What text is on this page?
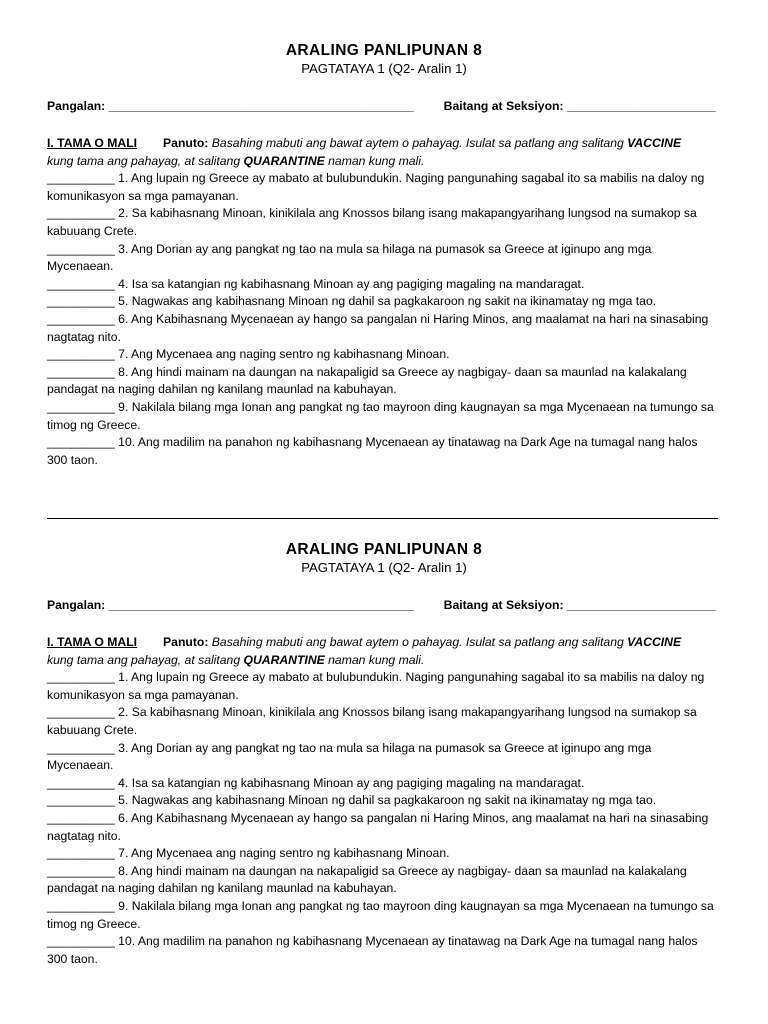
ARALING PANLIPUNAN 8
PAGTATAYA 1 (Q2- Aralin 1)
Pangalan: _____________________________________________ Baitang at Seksiyon: ______________________
I. TAMA O MALI Panuto: Basahing mabuti ang bawat aytem o pahayag. Isulat sa patlang ang salitang VACCINE
kung tama ang pahayag, at salitang QUARANTINE naman kung mali.
__________ 1. Ang lupain ng Greece ay mabato at bulubundukin. Naging pangunahing sagabal ito sa mabilis na daloy ng komunikasyon sa mga pamayanan.
__________ 2. Sa kabihasnang Minoan, kinikilala ang Knossos bilang isang makapangyarihang lungsod na sumakop sa kabuuang Crete.
__________ 3. Ang Dorian ay ang pangkat ng tao na mula sa hilaga na pumasok sa Greece at iginupo ang mga Mycenaean.
__________ 4. Isa sa katangian ng kabihasnang Minoan ay ang pagiging magaling na mandaragat.
__________ 5. Nagwakas ang kabihasnang Minoan ng dahil sa pagkakaroon ng sakit na ikinamatay ng mga tao.
__________ 6. Ang Kabihasnang Mycenaean ay hango sa pangalan ni Haring Minos, ang maalamat na hari na sinasabing nagtatag nito.
__________ 7. Ang Mycenaea ang naging sentro ng kabihasnang Minoan.
__________ 8. Ang hindi mainam na daungan na nakapaligid sa Greece ay nagbigay- daan sa maunlad na kalakalang pandagat na naging dahilan ng kanilang maunlad na kabuhayan.
__________ 9. Nakilala bilang mga Ionan ang pangkat ng tao mayroon ding kaugnayan sa mga Mycenaean na tumungo sa timog ng Greece.
__________ 10. Ang madilim na panahon ng kabihasnang Mycenaean ay tinatawag na Dark Age na tumagal nang halos 300 taon.
ARALING PANLIPUNAN 8
PAGTATAYA 1 (Q2- Aralin 1)
Pangalan: _____________________________________________ Baitang at Seksiyon: ______________________
I. TAMA O MALI Panuto: Basahing mabuti ang bawat aytem o pahayag. Isulat sa patlang ang salitang VACCINE
kung tama ang pahayag, at salitang QUARANTINE naman kung mali.
__________ 1. Ang lupain ng Greece ay mabato at bulubundukin. Naging pangunahing sagabal ito sa mabilis na daloy ng komunikasyon sa mga pamayanan.
__________ 2. Sa kabihasnang Minoan, kinikilala ang Knossos bilang isang makapangyarihang lungsod na sumakop sa kabuuang Crete.
__________ 3. Ang Dorian ay ang pangkat ng tao na mula sa hilaga na pumasok sa Greece at iginupo ang mga Mycenaean.
__________ 4. Isa sa katangian ng kabihasnang Minoan ay ang pagiging magaling na mandaragat.
__________ 5. Nagwakas ang kabihasnang Minoan ng dahil sa pagkakaroon ng sakit na ikinamatay ng mga tao.
__________ 6. Ang Kabihasnang Mycenaean ay hango sa pangalan ni Haring Minos, ang maalamat na hari na sinasabing nagtatag nito.
__________ 7. Ang Mycenaea ang naging sentro ng kabihasnang Minoan.
__________ 8. Ang hindi mainam na daungan na nakapaligid sa Greece ay nagbigay- daan sa maunlad na kalakalang pandagat na naging dahilan ng kanilang maunlad na kabuhayan.
__________ 9. Nakilala bilang mga Ionan ang pangkat ng tao mayroon ding kaugnayan sa mga Mycenaean na tumungo sa timog ng Greece.
__________ 10. Ang madilim na panahon ng kabihasnang Mycenaean ay tinatawag na Dark Age na tumagal nang halos 300 taon.
